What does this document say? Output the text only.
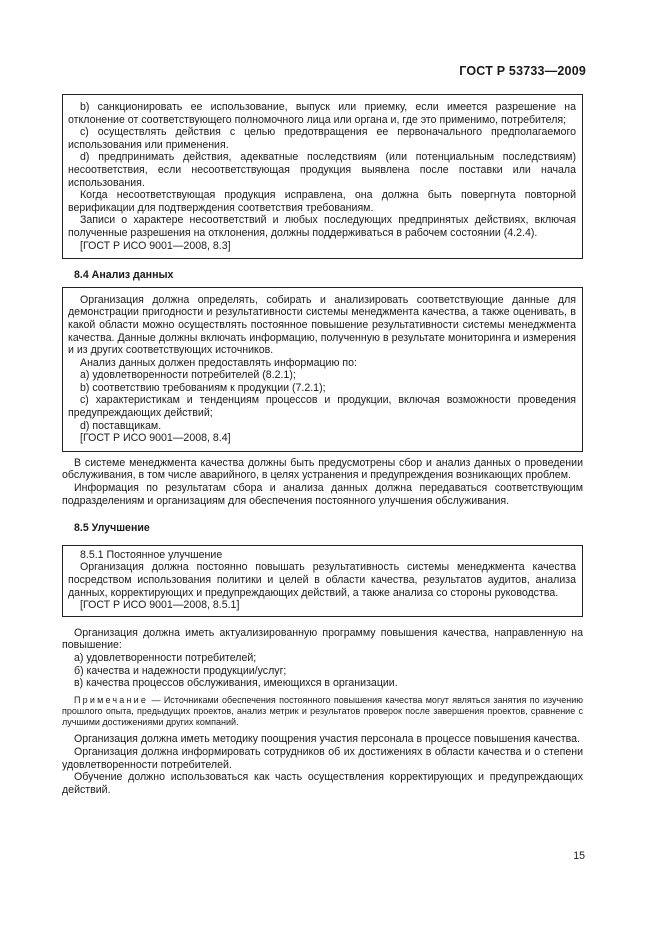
ГОСТ Р 53733—2009

b) санкционировать ее использование, выпуск или приемку, если имеется разрешение на отклонение от соответствующего полномочного лица или органа и, где это применимо, потребителя;

c) осуществлять действия с целью предотвращения ее первоначального предполагаемого использования или применения.

d) предпринимать действия, адекватные последствиям (или потенциальным последствиям) несоответствия, если несоответствующая продукция выявлена после поставки или начала использования.

Когда несоответствующая продукция исправлена, она должна быть повергнута повторной верификации для подтверждения соответствия требованиям.

Записи о характере несоответствий и любых последующих предпринятых действиях, включая полученные разрешения на отклонения, должны поддерживаться в рабочем состоянии (4.2.4).

[ГОСТ Р ИСО 9001—2008, 8.3]

8.4 Анализ данных

Организация должна определять, собирать и анализировать соответствующие данные для демонстрации пригодности и результативности системы менеджмента качества, а также оценивать, в какой области можно осуществлять постоянное повышение результативности системы менеджмента качества. Данные должны включать информацию, полученную в результате мониторинга и измерения и из других соответствующих источников.

Анализ данных должен предоставлять информацию по:

a) удовлетворенности потребителей (8.2.1);

b) соответствию требованиям к продукции (7.2.1);

c) характеристикам и тенденциям процессов и продукции, включая возможности проведения предупреждающих действий;

d) поставщикам.

[ГОСТ Р ИСО 9001—2008, 8.4]

В системе менеджмента качества должны быть предусмотрены сбор и анализ данных о проведении обслуживания, в том числе аварийного, в целях устранения и предупреждения возникающих проблем.

Информация по результатам сбора и анализа данных должна передаваться соответствующим подразделениям и организациям для обеспечения постоянного улучшения обслуживания.

8.5 Улучшение

8.5.1 Постоянное улучшение

Организация должна постоянно повышать результативность системы менеджмента качества посредством использования политики и целей в области качества, результатов аудитов, анализа данных, корректирующих и предупреждающих действий, а также анализа со стороны руководства.

[ГОСТ Р ИСО 9001—2008, 8.5.1]

Организация должна иметь актуализированную программу повышения качества, направленную на повышение:

а) удовлетворенности потребителей;

б) качества и надежности продукции/услуг;

в) качества процессов обслуживания, имеющихся в организации.

Примечание — Источниками обеспечения постоянного повышения качества могут являться занятия по изучению прошлого опыта, предыдущих проектов, анализ метрик и результатов проверок после завершения проектов, сравнение с лучшими достижениями других компаний.

Организация должна иметь методику поощрения участия персонала в процессе повышения качества.

Организация должна информировать сотрудников об их достижениях в области качества и о степени удовлетворенности потребителей.

Обучение должно использоваться как часть осуществления корректирующих и предупреждающих действий.

15
